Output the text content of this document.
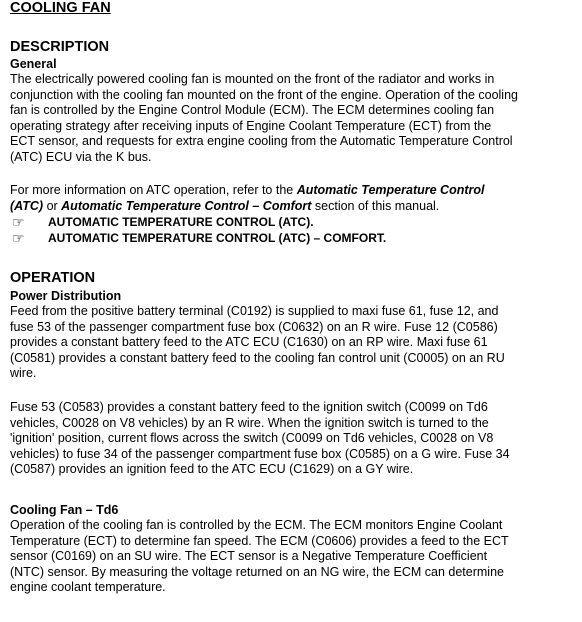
COOLING FAN
DESCRIPTION
General
The electrically powered cooling fan is mounted on the front of the radiator and works in
conjunction with the cooling fan mounted on the front of the engine. Operation of the cooling
fan is controlled by the Engine Control Module (ECM). The ECM determines cooling fan
operating strategy after receiving inputs of Engine Coolant Temperature (ECT) from the
ECT sensor, and requests for extra engine cooling from the Automatic Temperature Control
(ATC) ECU via the K bus.
For more information on ATC operation, refer to the Automatic Temperature Control
(ATC) or Automatic Temperature Control – Comfort section of this manual.
☞	AUTOMATIC TEMPERATURE CONTROL (ATC).
☞	AUTOMATIC TEMPERATURE CONTROL (ATC) – COMFORT.
OPERATION
Power Distribution
Feed from the positive battery terminal (C0192) is supplied to maxi fuse 61, fuse 12, and
fuse 53 of the passenger compartment fuse box (C0632) on an R wire. Fuse 12 (C0586)
provides a constant battery feed to the ATC ECU (C1630) on an RP wire. Maxi fuse 61
(C0581) provides a constant battery feed to the cooling fan control unit (C0005) on an RU
wire.
Fuse 53 (C0583) provides a constant battery feed to the ignition switch (C0099 on Td6
vehicles, C0028 on V8 vehicles) by an R wire. When the ignition switch is turned to the
'ignition' position, current flows across the switch (C0099 on Td6 vehicles, C0028 on V8
vehicles) to fuse 34 of the passenger compartment fuse box (C0585) on a G wire. Fuse 34
(C0587) provides an ignition feed to the ATC ECU (C1629) on a GY wire.
Cooling Fan – Td6
Operation of the cooling fan is controlled by the ECM. The ECM monitors Engine Coolant
Temperature (ECT) to determine fan speed. The ECM (C0606) provides a feed to the ECT
sensor (C0169) on an SU wire. The ECT sensor is a Negative Temperature Coefficient
(NTC) sensor. By measuring the voltage returned on an NG wire, the ECM can determine
engine coolant temperature.
